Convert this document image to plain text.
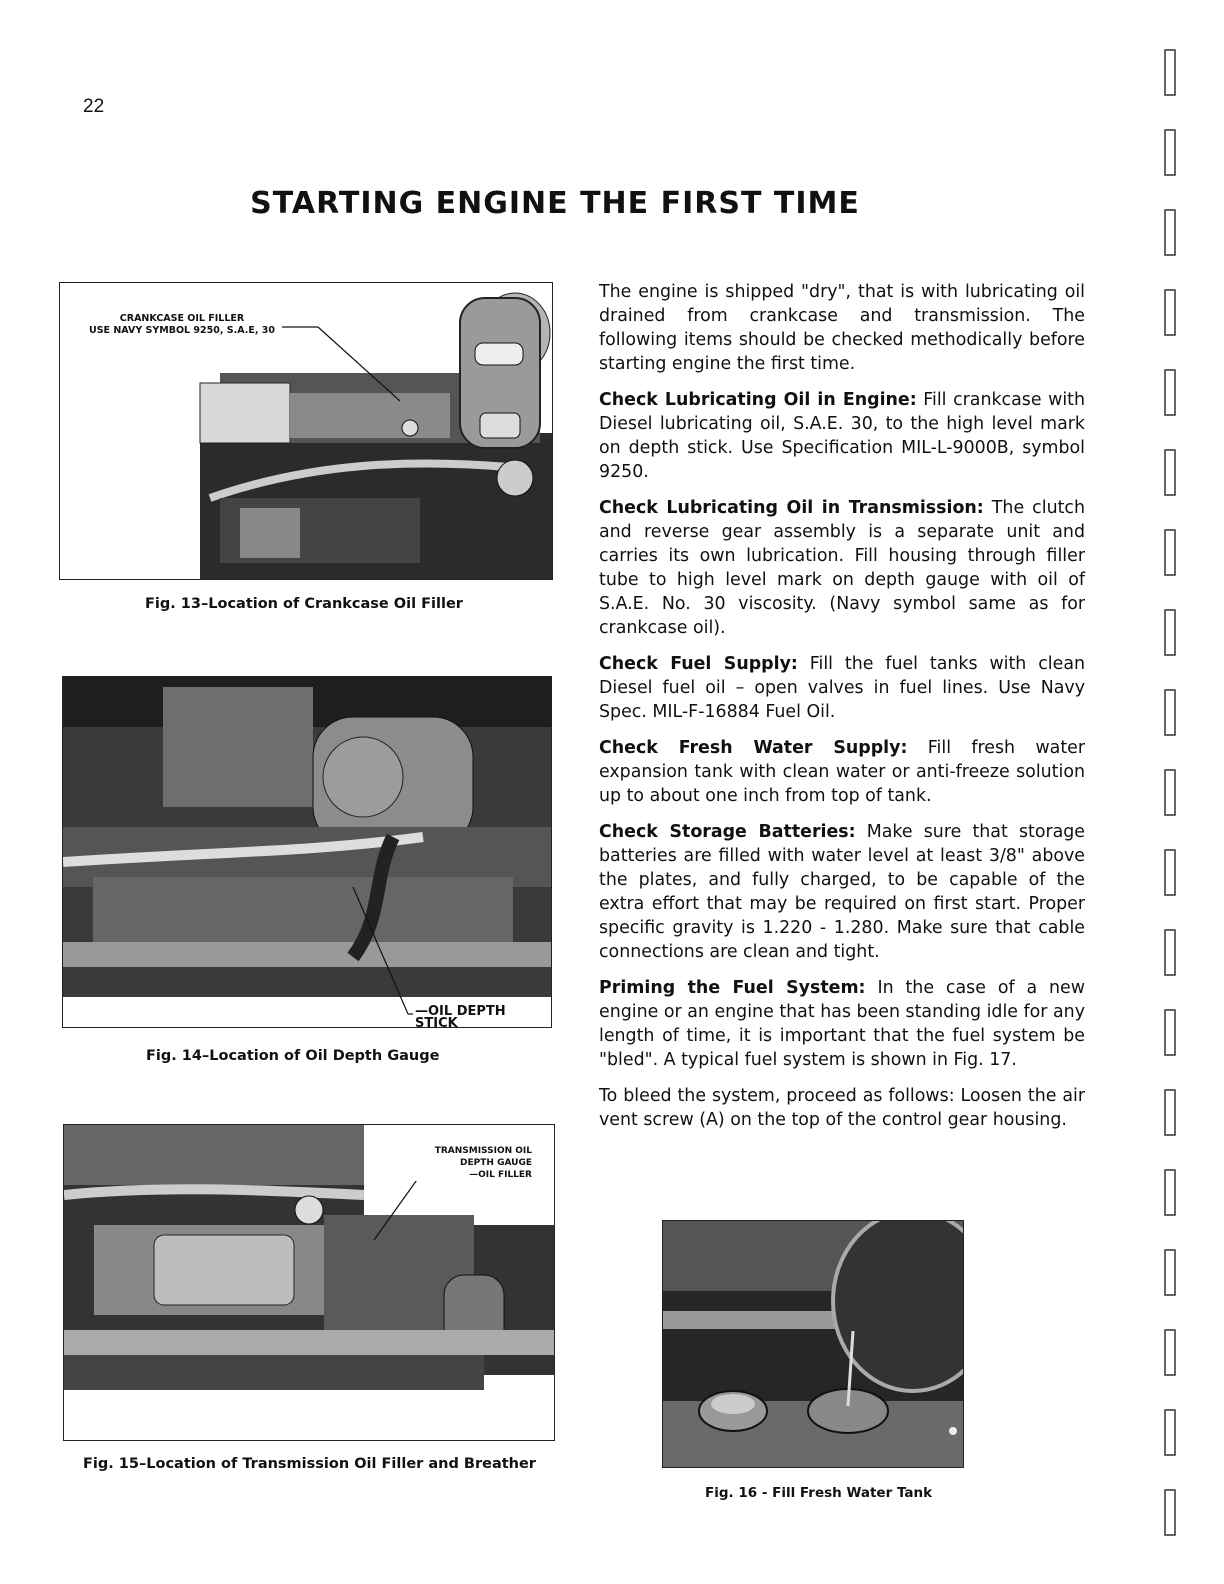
22
STARTING ENGINE THE FIRST TIME
CRANKCASE OIL FILLER
USE NAVY SYMBOL 9250, S.A.E, 30
Fig. 13–Location of Crankcase Oil Filler
—OIL DEPTH STICK
Fig. 14–Location of Oil Depth Gauge
TRANSMISSION OIL
DEPTH GAUGE
—OIL FILLER
Fig. 15–Location of Transmission Oil Filler and Breather
Fig. 16 - Fill Fresh Water Tank

The engine is shipped "dry", that is with lubricating oil drained from crankcase and transmission. The following items should be checked methodically before starting engine the first time.

Check Lubricating Oil in Engine: Fill crankcase with Diesel lubricating oil, S.A.E. 30, to the high level mark on depth stick. Use Specification MIL-L-9000B, symbol 9250.

Check Lubricating Oil in Transmission: The clutch and reverse gear assembly is a separate unit and carries its own lubrication. Fill housing through filler tube to high level mark on depth gauge with oil of S.A.E. No. 30 viscosity. (Navy symbol same as for crankcase oil).

Check Fuel Supply: Fill the fuel tanks with clean Diesel fuel oil – open valves in fuel lines. Use Navy Spec. MIL-F-16884 Fuel Oil.

Check Fresh Water Supply: Fill fresh water expansion tank with clean water or anti-freeze solution up to about one inch from top of tank.

Check Storage Batteries: Make sure that storage batteries are filled with water level at least 3/8" above the plates, and fully charged, to be capable of the extra effort that may be required on first start. Proper specific gravity is 1.220 - 1.280. Make sure that cable connections are clean and tight.

Priming the Fuel System: In the case of a new engine or an engine that has been standing idle for any length of time, it is important that the fuel system be "bled". A typical fuel system is shown in Fig. 17.

To bleed the system, proceed as follows: Loosen the air vent screw (A) on the top of the control gear housing.
